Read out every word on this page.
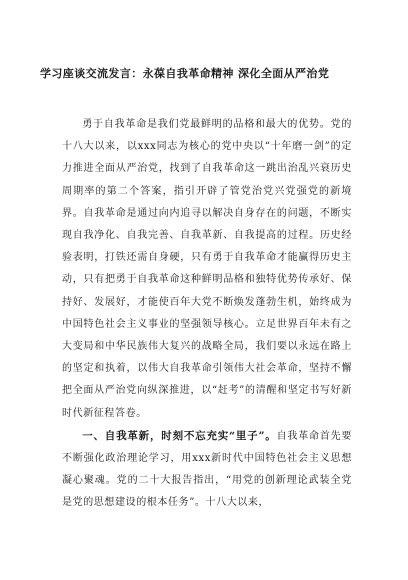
学习座谈交流发言：永葆自我革命精神 深化全面从严治党

勇于自我革命是我们党最鲜明的品格和最大的优势。党的十八大以来，以xxx同志为核心的党中央以“十年磨一剑”的定力推进全面从严治党，找到了自我革命这一跳出治乱兴衰历史周期率的第二个答案，指引开辟了管党治党兴党强党的新境界。自我革命是通过向内追寻以解决自身存在的问题，不断实现自我净化、自我完善、自我革新、自我提高的过程。历史经验表明，打铁还需自身硬，只有勇于自我革命才能赢得历史主动，只有把勇于自我革命这种鲜明品格和独特优势传承好、保持好、发展好，才能使百年大党不断焕发蓬勃生机，始终成为中国特色社会主义事业的坚强领导核心。立足世界百年未有之大变局和中华民族伟大复兴的战略全局，我们要以永远在路上的坚定和执着，以伟大自我革命引领伟大社会革命，坚持不懈把全面从严治党向纵深推进，以“赶考”的清醒和坚定书写好新时代新征程答卷。

一、自我革新，时刻不忘充实“里子”。自我革命首先要不断强化政治理论学习，用xxx新时代中国特色社会主义思想凝心聚魂。党的二十大报告指出，“用党的创新理论武装全党是党的思想建设的根本任务”。十八大以来，
